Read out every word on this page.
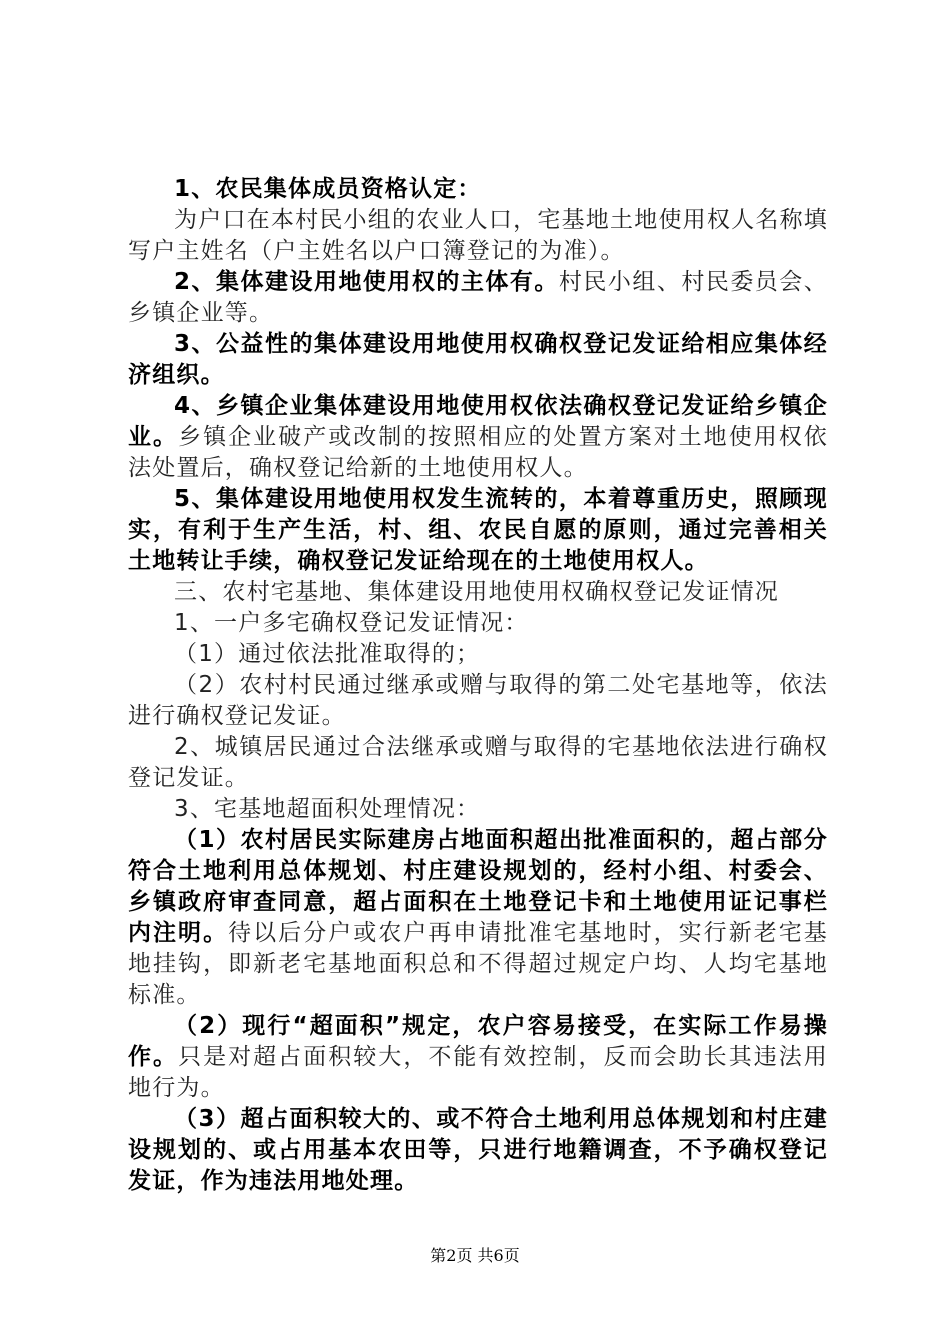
1、农民集体成员资格认定：

为户口在本村民小组的农业人口，宅基地土地使用权人名称填写户主姓名（户主姓名以户口簿登记的为准）。

2、集体建设用地使用权的主体有。村民小组、村民委员会、乡镇企业等。

3、公益性的集体建设用地使用权确权登记发证给相应集体经济组织。

4、乡镇企业集体建设用地使用权依法确权登记发证给乡镇企业。乡镇企业破产或改制的按照相应的处置方案对土地使用权依法处置后，确权登记给新的土地使用权人。

5、集体建设用地使用权发生流转的，本着尊重历史，照顾现实，有利于生产生活，村、组、农民自愿的原则，通过完善相关土地转让手续，确权登记发证给现在的土地使用权人。

三、农村宅基地、集体建设用地使用权确权登记发证情况

1、一户多宅确权登记发证情况：

（1）通过依法批准取得的；

（2）农村村民通过继承或赠与取得的第二处宅基地等，依法进行确权登记发证。

2、城镇居民通过合法继承或赠与取得的宅基地依法进行确权登记发证。

3、宅基地超面积处理情况：

（1）农村居民实际建房占地面积超出批准面积的，超占部分符合土地利用总体规划、村庄建设规划的，经村小组、村委会、乡镇政府审查同意，超占面积在土地登记卡和土地使用证记事栏内注明。待以后分户或农户再申请批准宅基地时，实行新老宅基地挂钩，即新老宅基地面积总和不得超过规定户均、人均宅基地标准。

（2）现行“超面积”规定，农户容易接受，在实际工作易操作。只是对超占面积较大，不能有效控制，反而会助长其违法用地行为。

（3）超占面积较大的、或不符合土地利用总体规划和村庄建设规划的、或占用基本农田等，只进行地籍调查，不予确权登记发证，作为违法用地处理。

第2页 共6页
